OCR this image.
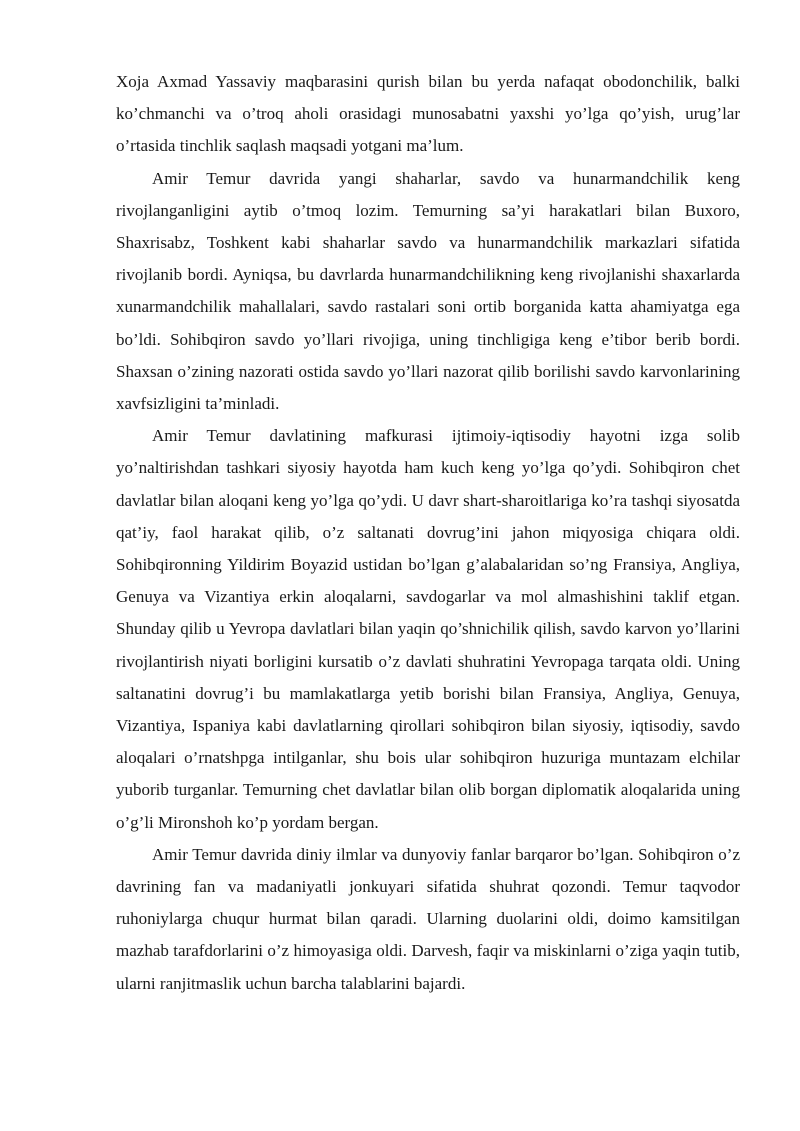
Xoja Axmad Yassaviy maqbarasini qurish bilan bu yerda nafaqat obodonchilik, balki ko’chmanchi va o’troq aholi orasidagi munosabatni yaxshi yo’lga qo’yish, urug’lar o’rtasida tinchlik saqlash maqsadi yotgani ma’lum.

Amir Temur davrida yangi shaharlar, savdo va hunarmandchilik keng rivojlanganligini aytib o’tmoq lozim. Temurning sa’yi harakatlari bilan Buxoro, Shaxrisabz, Toshkent kabi shaharlar savdo va hunarmandchilik markazlari sifatida rivojlanib bordi. Ayniqsa, bu davrlarda hunarmandchilikning keng rivojlanishi shaxarlarda xunarmandchilik mahallalari, savdo rastalari soni ortib borganida katta ahamiyatga ega bo’ldi. Sohibqiron savdo yo’llari rivojiga, uning tinchligiga keng e’tibor berib bordi. Shaxsan o’zining nazorati ostida savdo yo’llari nazorat qilib borilishi savdo karvonlarining xavfsizligini ta’minladi.

Amir Temur davlatining mafkurasi ijtimoiy-iqtisodiy hayotni izga solib yo’naltirishdan tashkari siyosiy hayotda ham kuch keng yo’lga qo’ydi. Sohibqiron chet davlatlar bilan aloqani keng yo’lga qo’ydi. U davr shart-sharoitlariga ko’ra tashqi siyosatda qat’iy, faol harakat qilib, o’z saltanati dovrug’ini jahon miqyosiga chiqara oldi. Sohibqironning Yildirim Boyazid ustidan bo’lgan g’alabalaridan so’ng Fransiya, Angliya, Genuya va Vizantiya erkin aloqalarni, savdogarlar va mol almashishini taklif etgan. Shunday qilib u Yevropa davlatlari bilan yaqin qo’shnichilik qilish, savdo karvon yo’llarini rivojlantirish niyati borligini kursatib o’z davlati shuhratini Yevropaga tarqata oldi. Uning saltanatini dovrug’i bu mamlakatlarga yetib borishi bilan Fransiya, Angliya, Genuya, Vizantiya, Ispaniya kabi davlatlarning qirollari sohibqiron bilan siyosiy, iqtisodiy, savdo aloqalari o’rnatshpga intilganlar, shu bois ular sohibqiron huzuriga muntazam elchilar yuborib turganlar. Temurning chet davlatlar bilan olib borgan diplomatik aloqalarida uning o’g’li Mironshoh ko’p yordam bergan.

Amir Temur davrida diniy ilmlar va dunyoviy fanlar barqaror bo’lgan. Sohibqiron o’z davrining fan va madaniyatli jonkuyari sifatida shuhrat qozondi. Temur taqvodor ruhoniylarga chuqur hurmat bilan qaradi. Ularning duolarini oldi, doimo kamsitilgan mazhab tarafdorlarini o’z himoyasiga oldi. Darvesh, faqir va miskinlarni o’ziga yaqin tutib, ularni ranjitmaslik uchun barcha talablarini bajardi.
